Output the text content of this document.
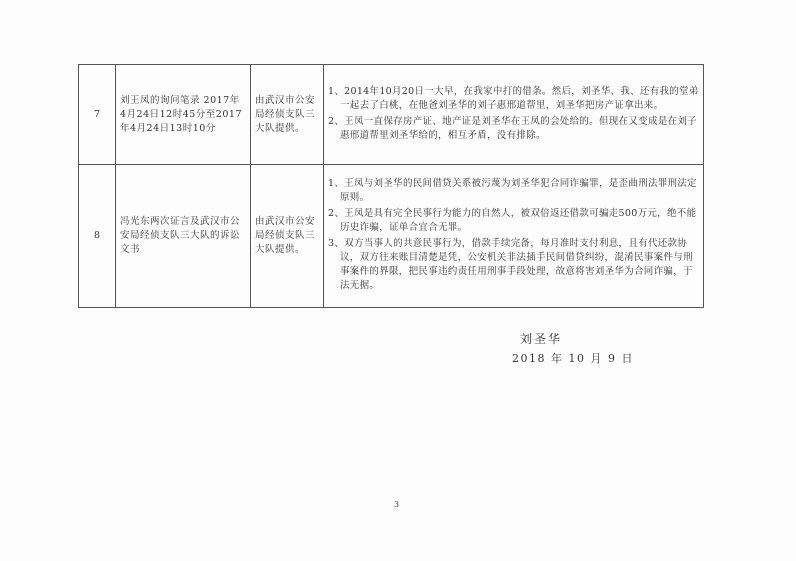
7	刘王凤的询问笔录 2017年4月24日12时45分至2017年4月24日13时10分	由武汉市公安局经侦支队三大队提供。	1、2014年10月20日一大早，在我家中打的借条。然后，刘圣华、我、还有我的堂弟一起去了白桃，在他爸刘圣华的刘子惠邢道帮里，刘圣华把房产证拿出来。
2、王凤一直保存房产证、地产证是刘圣华在王凤的会处给的。但现在又变成是在刘子惠邢道帮里刘圣华给的，相互矛盾，没有排除。

8	冯光东两次证言及武汉市公安局经侦支队三大队的诉讼文书	由武汉市公安局经侦支队三大队提供。	1、王凤与刘圣华的民间借贷关系被污蔑为刘圣华犯合同诈骗罪，是歪曲刑法罪刑法定原则。
2、王凤是具有完全民事行为能力的自然人，被双倍返还借款可骗走500万元，绝不能历史诈骗，证单合宜合无罪。
3、双方当事人的共意民事行为，借款手续完备，每月准时支付利息，且有代还款协议，双方往来账目清楚是凭，公安机关非法插手民间借贷纠纷，混淆民事案件与刑事案件的界限，把民事违约责任用刑事手段处理，故意将害刘圣华为合同诈骗，于法无据。
刘圣华
2018 年 10 月 9 日
3
